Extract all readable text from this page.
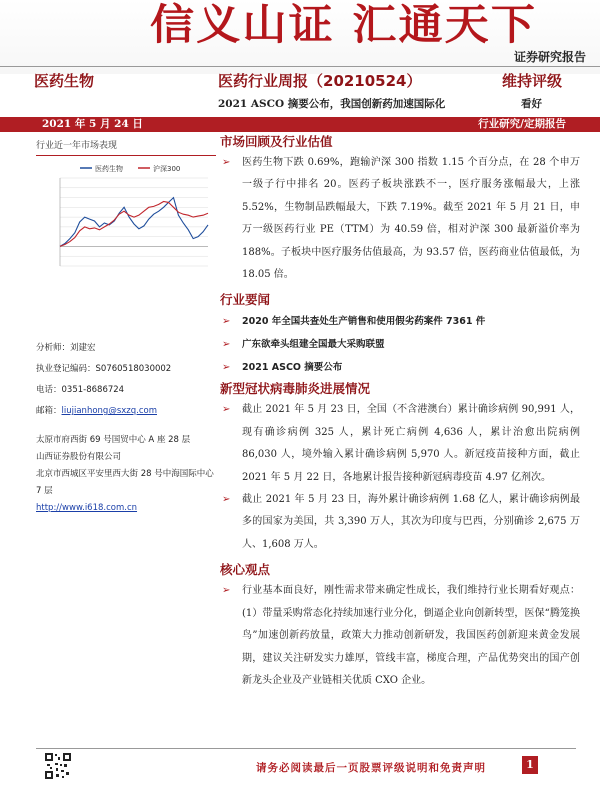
信义山证 汇通天下
证券研究报告
医药生物	医药行业周报（20210524）	维持评级
2021 ASCO 摘要公布，我国创新药加速国际化	看好
2021 年 5 月 24 日	行业研究/定期报告
行业近一年市场表现
医药生物	沪深300
分析师：刘建宏
执业登记编码：S0760518030002
电话：0351-8686724
邮箱：liujianhong@sxzq.com
太原市府西街 69 号国贸中心 A 座 28 层
山西证券股份有限公司
北京市西城区平安里西大街 28 号中海国际中心 7 层
http://www.i618.com.cn
市场回顾及行业估值
➢ 医药生物下跌 0.69%，跑输沪深 300 指数 1.15 个百分点，在 28 个申万一级子行中排名 20。医药子板块涨跌不一，医疗服务涨幅最大，上涨 5.52%，生物制品跌幅最大，下跌 7.19%。截至 2021 年 5 月 21 日，申万一级医药行业 PE（TTM）为 40.59 倍，相对沪深 300 最新溢价率为 188%。子板块中医疗服务估值最高，为 93.57 倍，医药商业估值最低，为 18.05 倍。
行业要闻
➢ 2020 年全国共查处生产销售和使用假劣药案件 7361 件
➢ 广东欲牵头组建全国最大采购联盟
➢ 2021 ASCO 摘要公布
新型冠状病毒肺炎进展情况
➢ 截止 2021 年 5 月 23 日，全国（不含港澳台）累计确诊病例 90,991 人，现有确诊病例 325 人，累计死亡病例 4,636 人，累计治愈出院病例 86,030 人，境外输入累计确诊病例 5,970 人。新冠疫苗接种方面，截止 2021 年 5 月 22 日，各地累计报告接种新冠病毒疫苗 4.97 亿剂次。
➢ 截止 2021 年 5 月 23 日，海外累计确诊病例 1.68 亿人，累计确诊病例最多的国家为美国，共 3,390 万人，其次为印度与巴西，分别确诊 2,675 万人、1,608 万人。
核心观点
➢ 行业基本面良好，刚性需求带来确定性成长，我们维持行业长期看好观点：(1）带量采购常态化持续加速行业分化，倒逼企业向创新转型，医保“腾笼换鸟”加速创新药放量，政策大力推动创新研发，我国医药创新迎来黄金发展期，建议关注研发实力雄厚，管线丰富，梯度合理，产品优势突出的国产创新龙头企业及产业链相关优质 CXO 企业。
请务必阅读最后一页股票评级说明和免责声明	1
